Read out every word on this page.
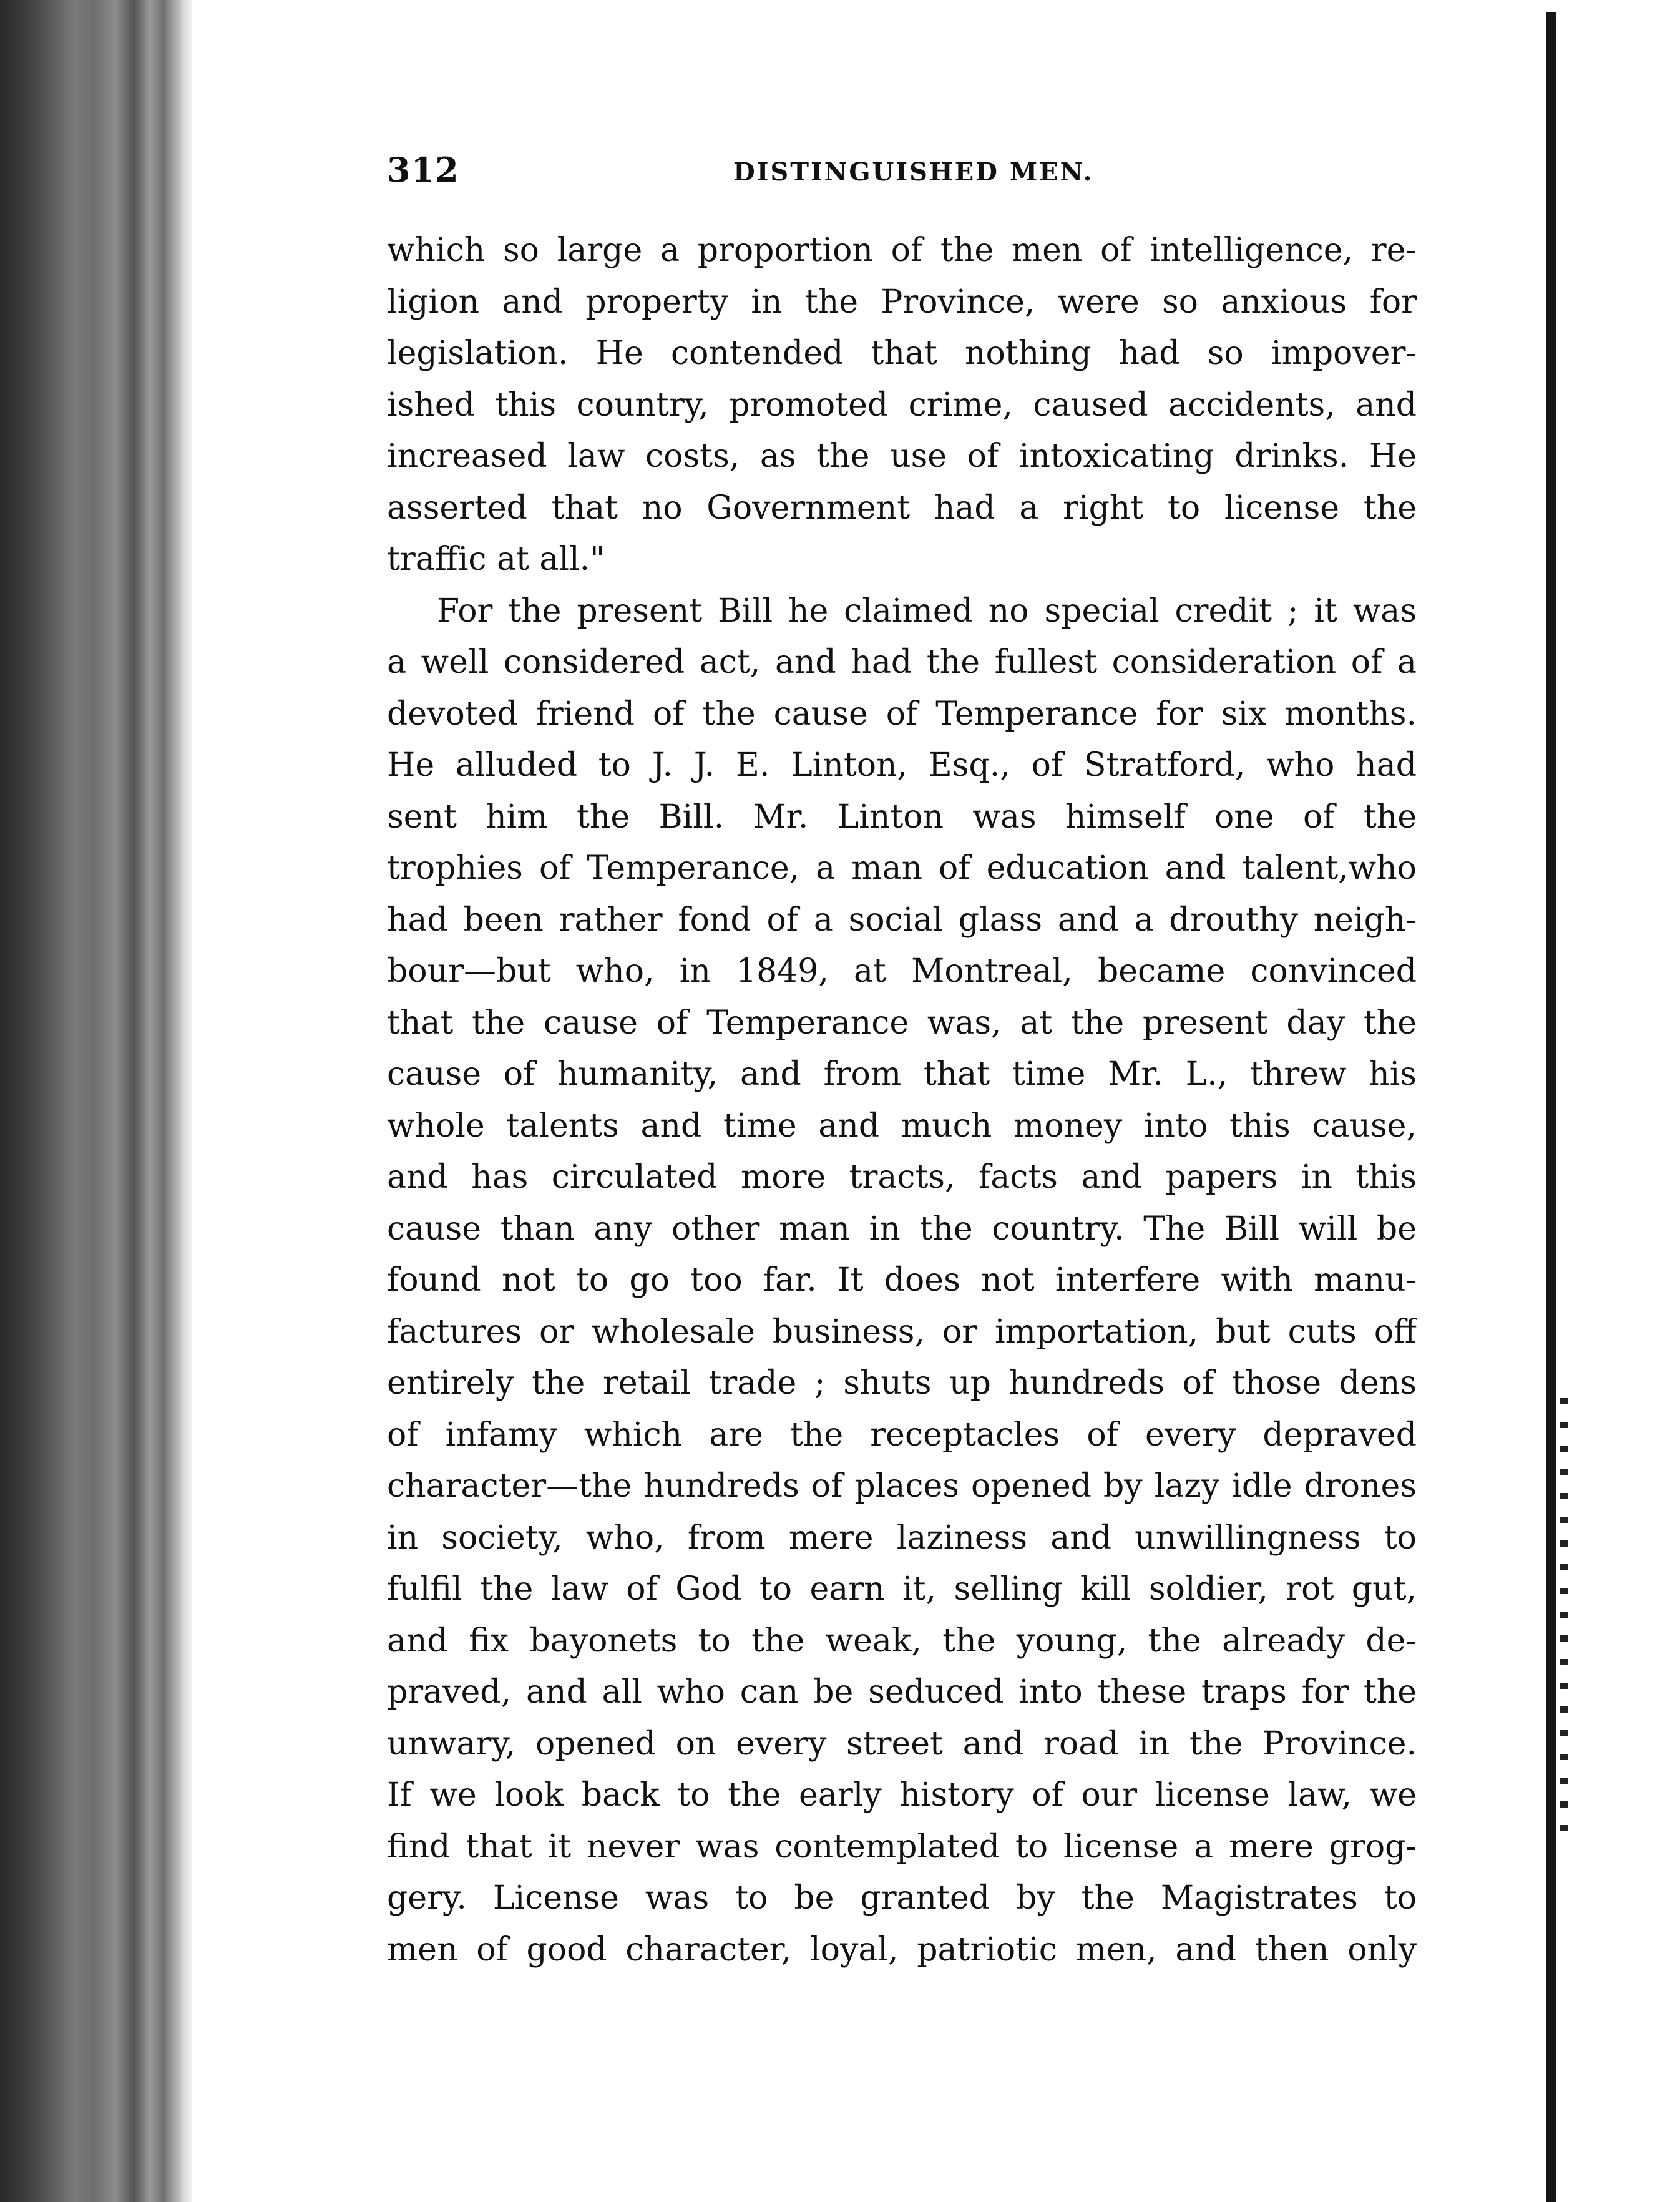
312	DISTINGUISHED MEN.
which so large a proportion of the men of intelligence, re-
ligion and property in the Province, were so anxious for
legislation. He contended that nothing had so impover-
ished this country, promoted crime, caused accidents, and
increased law costs, as the use of intoxicating drinks. He
asserted that no Government had a right to license the
traffic at all."
For the present Bill he claimed no special credit ; it was
a well considered act, and had the fullest consideration of a
devoted friend of the cause of Temperance for six months.
He alluded to J. J. E. Linton, Esq., of Stratford, who had
sent him the Bill. Mr. Linton was himself one of the
trophies of Temperance, a man of education and talent,who
had been rather fond of a social glass and a drouthy neigh-
bour—but who, in 1849, at Montreal, became convinced
that the cause of Temperance was, at the present day the
cause of humanity, and from that time Mr. L., threw his
whole talents and time and much money into this cause,
and has circulated more tracts, facts and papers in this
cause than any other man in the country. The Bill will be
found not to go too far. It does not interfere with manu-
factures or wholesale business, or importation, but cuts off
entirely the retail trade ; shuts up hundreds of those dens
of infamy which are the receptacles of every depraved
character—the hundreds of places opened by lazy idle drones
in society, who, from mere laziness and unwillingness to
fulfil the law of God to earn it, selling kill soldier, rot gut,
and fix bayonets to the weak, the young, the already de-
praved, and all who can be seduced into these traps for the
unwary, opened on every street and road in the Province.
If we look back to the early history of our license law, we
find that it never was contemplated to license a mere grog-
gery. License was to be granted by the Magistrates to
men of good character, loyal, patriotic men, and then only
